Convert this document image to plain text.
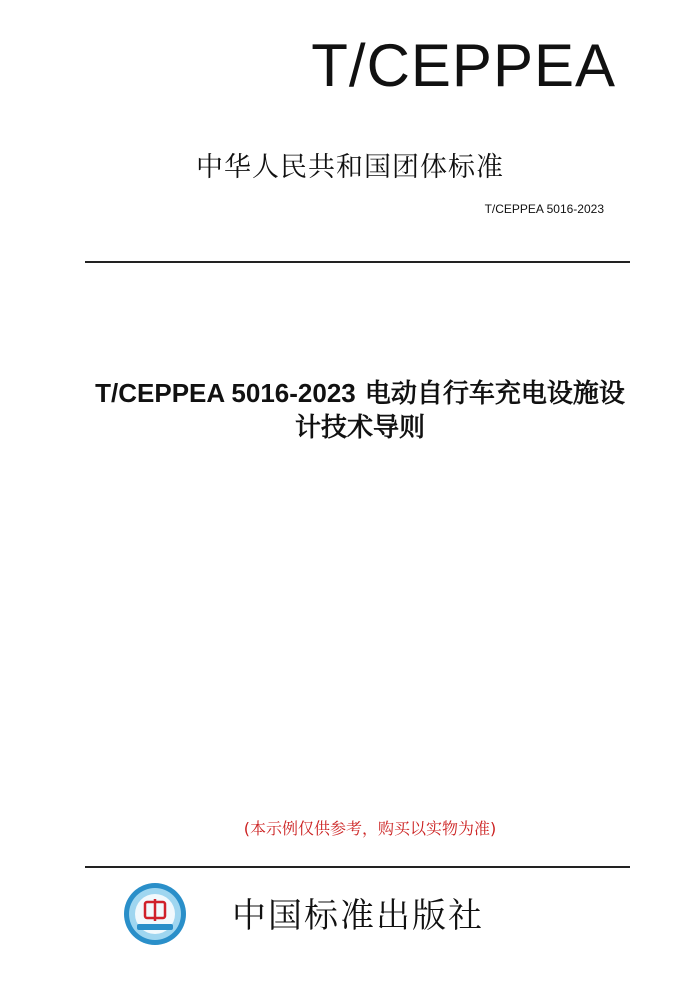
T/CEPPEA
中华人民共和国团体标准
T/CEPPEA 5016-2023
T/CEPPEA 5016-2023 电动自行车充电设施设
计技术导则
(本示例仅供参考，购买以实物为准)
中国标准出版社
